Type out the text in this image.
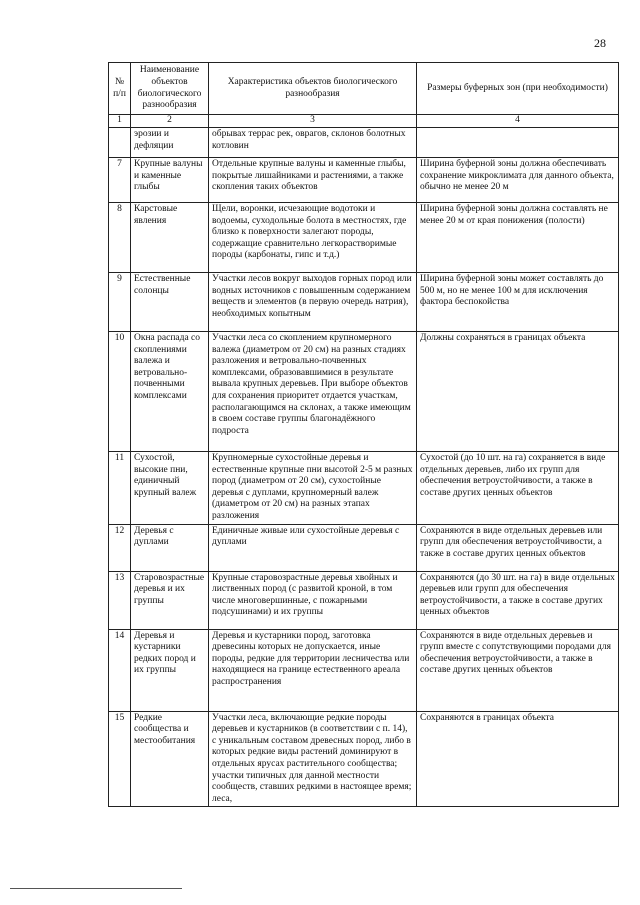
28
№ п/п	Наименование объектов биологического разнообразия	Характеристика объектов биологического разнообразия	Размеры буферных зон (при необходимости)
1	2	3	4
	эрозии и дефляции	обрывах террас рек, оврагов, склонов болотных котловин	
7	Крупные валуны и каменные глыбы	Отдельные крупные валуны и каменные глыбы, покрытые лишайниками и растениями, а также скопления таких объектов	Ширина буферной зоны должна обеспечивать сохранение микроклимата для данного объекта, обычно не менее 20 м
8	Карстовые явления	Щели, воронки, исчезающие водотоки и водоемы, суходольные болота в местностях, где близко к поверхности залегают породы, содержащие сравнительно легкорастворимые породы (карбонаты, гипс и т.д.)	Ширина буферной зоны должна составлять не менее 20 м от края понижения (полости)
9	Естественные солонцы	Участки лесов вокруг выходов горных пород или водных источников с повышенным содержанием веществ и элементов (в первую очередь натрия), необходимых копытным	Ширина буферной зоны может составлять до 500 м, но не менее 100 м для исключения фактора беспокойства
10	Окна распада со скоплениями валежа и ветровально-почвенными комплексами	Участки леса со скоплением крупномерного валежа (диаметром от 20 см) на разных стадиях разложения и ветровально-почвенных комплексами, образовавшимися в результате вывала крупных деревьев. При выборе объектов для сохранения приоритет отдается участкам, располагающимся на склонах, а также имеющим в своем составе группы благонадёжного подроста	Должны сохраняться в границах объекта
11	Сухостой, высокие пни, единичный крупный валеж	Крупномерные сухостойные деревья и естественные крупные пни высотой 2-5 м разных пород (диаметром от 20 см), сухостойные деревья с дуплами, крупномерный валеж (диаметром от 20 см) на разных этапах разложения	Сухостой (до 10 шт. на га) сохраняется в виде отдельных деревьев, либо их групп для обеспечения ветроустойчивости, а также в составе других ценных объектов
12	Деревья с дуплами	Единичные живые или сухостойные деревья с дуплами	Сохраняются в виде отдельных деревьев или групп для обеспечения ветроустойчивости, а также в составе других ценных объектов
13	Старовозрастные деревья и их группы	Крупные старовозрастные деревья хвойных и лиственных пород (с развитой кроной, в том числе многовершинные, с пожарными подсушинами) и их группы	Сохраняются (до 30 шт. на га) в виде отдельных деревьев или групп для обеспечения ветроустойчивости, а также в составе других ценных объектов
14	Деревья и кустарники редких пород и их группы	Деревья и кустарники пород, заготовка древесины которых не допускается, иные породы, редкие для территории лесничества или находящиеся на границе естественного ареала распространения	Сохраняются в виде отдельных деревьев и групп вместе с сопутствующими породами для обеспечения ветроустойчивости, а также в составе других ценных объектов
15	Редкие сообщества и местообитания	Участки леса, включающие редкие породы деревьев и кустарников (в соответствии с п. 14), с уникальным составом древесных пород, либо в которых редкие виды растений доминируют в отдельных ярусах растительного сообщества; участки типичных для данной местности сообществ, ставших редкими в настоящее время; леса,	Сохраняются в границах объекта
